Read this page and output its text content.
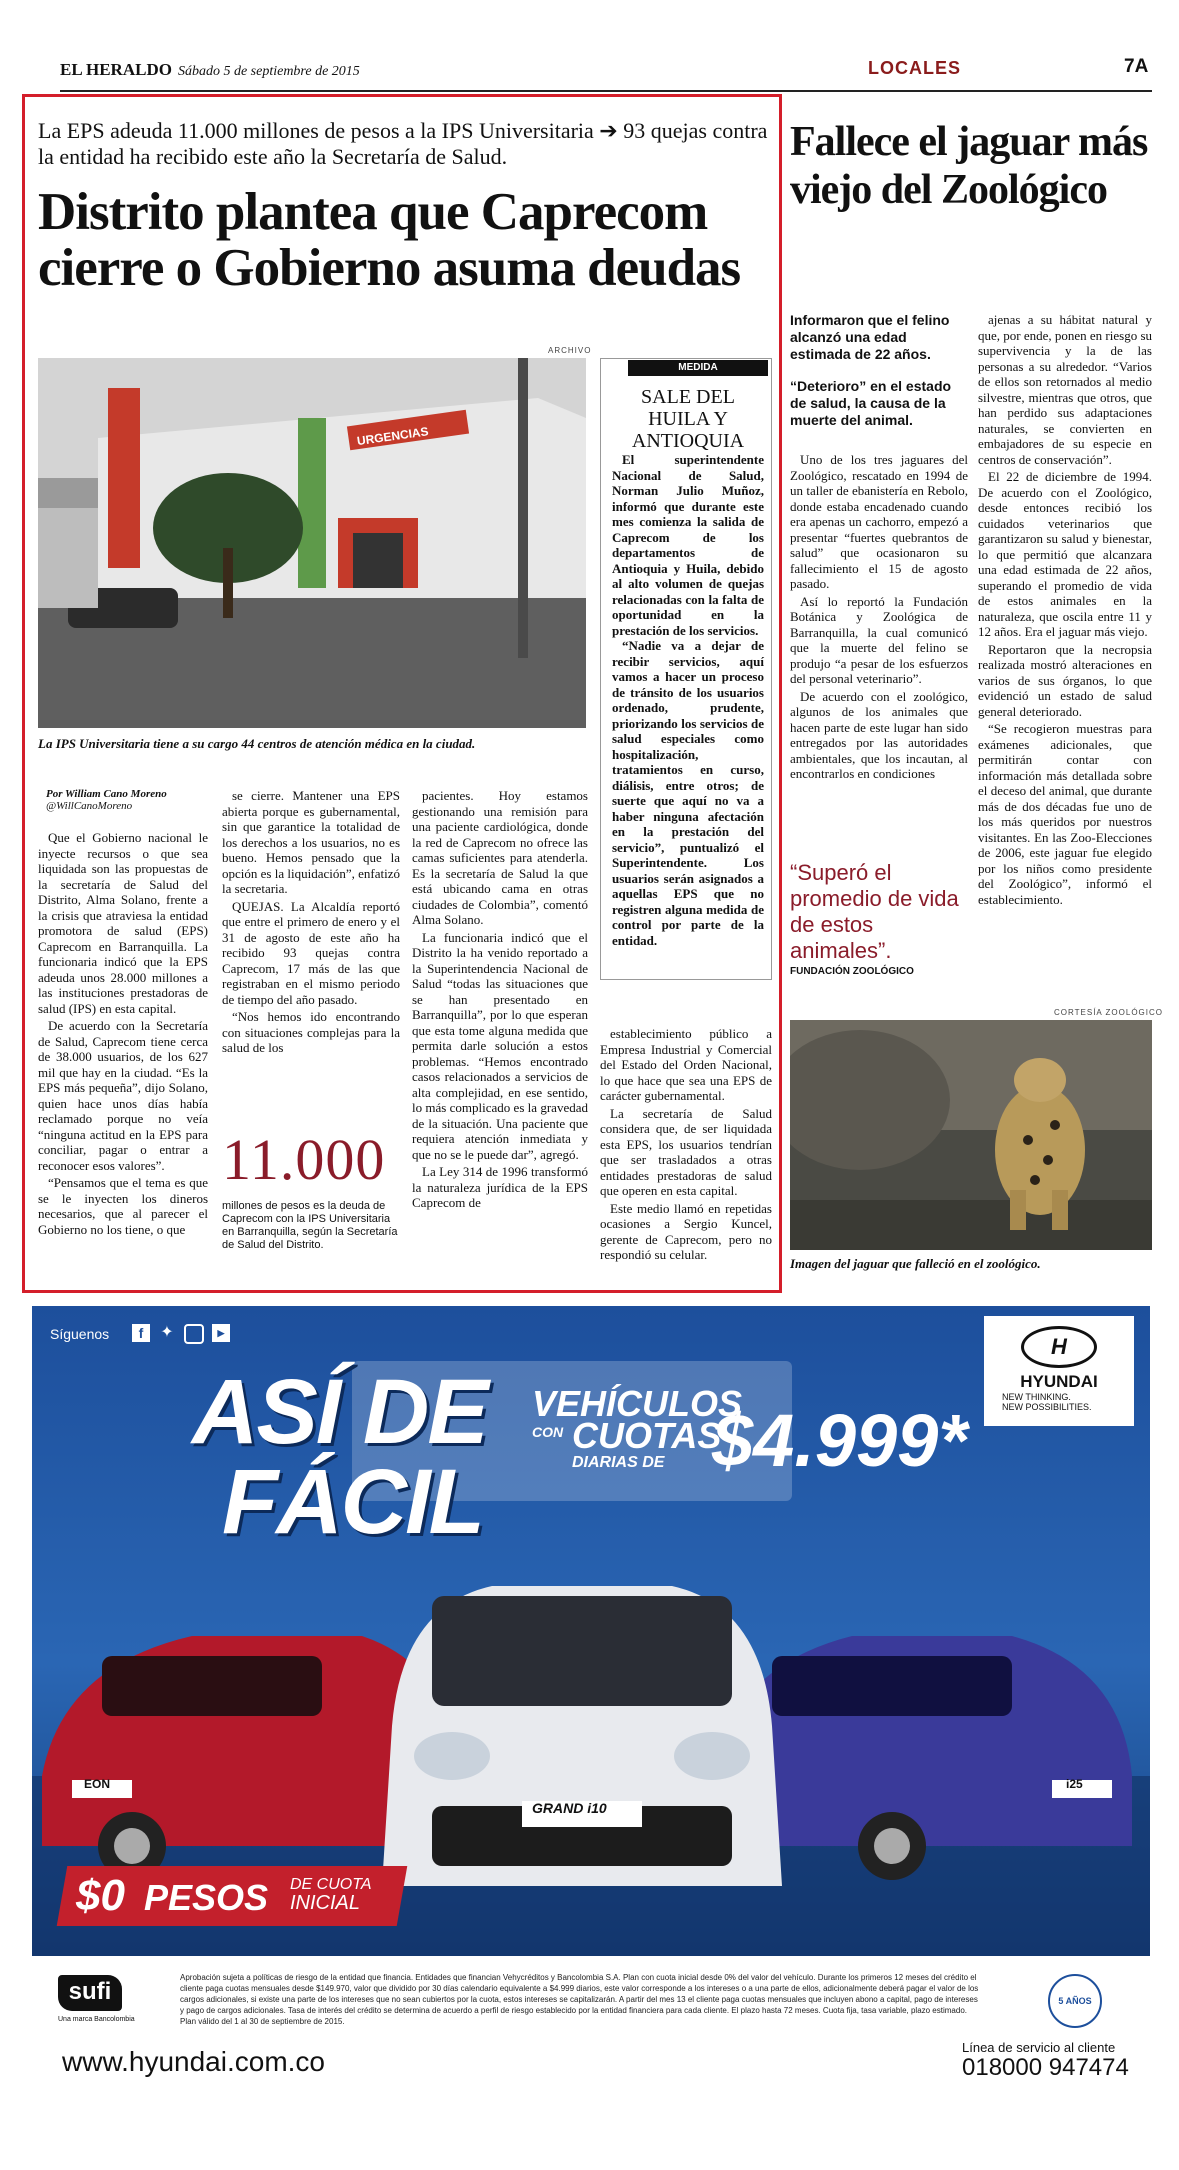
EL HERALDO Sábado 5 de septiembre de 2015	LOCALES	7A
La EPS adeuda 11.000 millones de pesos a la IPS Universitaria ➔ 93 quejas contra la entidad ha recibido este año la Secretaría de Salud.
Distrito plantea que Caprecom cierre o Gobierno asuma deudas
ARCHIVO
URGENCIAS
La IPS Universitaria tiene a su cargo 44 centros de atención médica en la ciudad.
MEDIDA
SALE DEL HUILA Y ANTIOQUIA

El superintendente Nacional de Salud, Norman Julio Muñoz, informó que durante este mes comienza la salida de Caprecom de los departamentos de Antioquia y Huila, debido al alto volumen de quejas relacionadas con la falta de oportunidad en la prestación de los servicios.

“Nadie va a dejar de recibir servicios, aquí vamos a hacer un proceso de tránsito de los usuarios ordenado, prudente, priorizando los servicios de salud especiales como hospitalización, tratamientos en curso, diálisis, entre otros; de suerte que aquí no va a haber ninguna afectación en la prestación del servicio”, puntualizó el Superintendente. Los usuarios serán asignados a aquellas EPS que no registren alguna medida de control por parte de la entidad.

Por William Cano Moreno
@WillCanoMoreno

Que el Gobierno nacional le inyecte recursos o que sea liquidada son las propuestas de la secretaría de Salud del Distrito, Alma Solano, frente a la crisis que atraviesa la entidad promotora de salud (EPS) Caprecom en Barranquilla. La funcionaria indicó que la EPS adeuda unos 28.000 millones a las instituciones prestadoras de salud (IPS) en esta capital.

De acuerdo con la Secretaría de Salud, Caprecom tiene cerca de 38.000 usuarios, de los 627 mil que hay en la ciudad. “Es la EPS más pequeña”, dijo Solano, quien hace unos días había reclamado porque no veía “ninguna actitud en la EPS para conciliar, pagar o entrar a reconocer esos valores”.

“Pensamos que el tema es que se le inyecten los dineros necesarios, que al parecer el Gobierno no los tiene, o que

se cierre. Mantener una EPS abierta porque es gubernamental, sin que garantice la totalidad de los derechos a los usuarios, no es bueno. Hemos pensado que la opción es la liquidación”, enfatizó la secretaria.

QUEJAS. La Alcaldía reportó que entre el primero de enero y el 31 de agosto de este año ha recibido 93 quejas contra Caprecom, 17 más de las que registraban en el mismo periodo de tiempo del año pasado.

“Nos hemos ido encontrando con situaciones complejas para la salud de los

11.000
millones de pesos es la deuda de Caprecom con la IPS Universitaria en Barranquilla, según la Secretaría de Salud del Distrito.

pacientes. Hoy estamos gestionando una remisión para una paciente cardiológica, donde la red de Caprecom no ofrece las camas suficientes para atenderla. Es la secretaría de Salud la que está ubicando cama en otras ciudades de Colombia”, comentó Alma Solano.

La funcionaria indicó que el Distrito la ha venido reportado a la Superintendencia Nacional de Salud “todas las situaciones que se han presentado en Barranquilla”, por lo que esperan que esta tome alguna medida que permita darle solución a estos problemas. “Hemos encontrado casos relacionados a servicios de alta complejidad, en ese sentido, lo más complicado es la gravedad de la situación. Una paciente que requiera atención inmediata y que no se le puede dar”, agregó.

La Ley 314 de 1996 transformó la naturaleza jurídica de la EPS Caprecom de

establecimiento público a Empresa Industrial y Comercial del Estado del Orden Nacional, lo que hace que sea una EPS de carácter gubernamental.

La secretaría de Salud considera que, de ser liquidada esta EPS, los usuarios tendrían que ser trasladados a otras entidades prestadoras de salud que operen en esta capital.

Este medio llamó en repetidas ocasiones a Sergio Kuncel, gerente de Caprecom, pero no respondió su celular.

Fallece el jaguar más viejo del Zoológico
Informaron que el felino alcanzó una edad estimada de 22 años.
“Deterioro” en el estado de salud, la causa de la muerte del animal.

Uno de los tres jaguares del Zoológico, rescatado en 1994 de un taller de ebanistería en Rebolo, donde estaba encadenado cuando era apenas un cachorro, empezó a presentar “fuertes quebrantos de salud” que ocasionaron su fallecimiento el 15 de agosto pasado.

Así lo reportó la Fundación Botánica y Zoológica de Barranquilla, la cual comunicó que la muerte del felino se produjo “a pesar de los esfuerzos del personal veterinario”.

De acuerdo con el zoológico, algunos de los animales que hacen parte de este lugar han sido entregados por las autoridades ambientales, que los incautan, al encontrarlos en condiciones

“Superó el promedio de vida de estos animales”.
FUNDACIÓN ZOOLÓGICO

ajenas a su hábitat natural y que, por ende, ponen en riesgo su supervivencia y la de las personas a su alrededor. “Varios de ellos son retornados al medio silvestre, mientras que otros, que han perdido sus adaptaciones naturales, se convierten en embajadores de su especie en centros de conservación”.

El 22 de diciembre de 1994. De acuerdo con el Zoológico, desde entonces recibió los cuidados veterinarios que garantizaron su salud y bienestar, lo que permitió que alcanzara una edad estimada de 22 años, superando el promedio de vida de estos animales en la naturaleza, que oscila entre 11 y 12 años. Era el jaguar más viejo.

Reportaron que la necropsia realizada mostró alteraciones en varios de sus órganos, lo que evidenció un estado de salud general deteriorado.

“Se recogieron muestras para exámenes adicionales, que permitirán contar con información más detallada sobre el deceso del animal, que durante más de dos décadas fue uno de los más queridos por nuestros visitantes. En las Zoo-Elecciones de 2006, este jaguar fue elegido por los niños como presidente del Zoológico”, informó el establecimiento.

CORTESÍA ZOOLÓGICO
Imagen del jaguar que falleció en el zoológico.
Síguenos	f	✦	▶
ASÍ DE
FÁCIL
VEHÍCULOS
CON CUOTAS
DIARIAS DE $4.999*
H
HYUNDAI
NEW THINKING.
NEW POSSIBILITIES.
EON
GRAND i10
i25
$0 PESOS DE CUOTA
INICIAL
sufi
Una marca Bancolombia
Aprobación sujeta a políticas de riesgo de la entidad que financia. Entidades que financian Vehycréditos y Bancolombia S.A. Plan con cuota inicial desde 0% del valor del vehículo. Durante los primeros 12 meses del crédito el cliente paga cuotas mensuales desde $149.970, valor que dividido por 30 días calendario equivalente a $4.999 diarios, este valor corresponde a los intereses o a una parte de ellos, adicionalmente deberá pagar el valor de los cargos adicionales, si existe una parte de los intereses que no sean cubiertos por la cuota, estos intereses se capitalizarán. A partir del mes 13 el cliente paga cuotas mensuales que incluyen abono a capital, pago de intereses y pago de cargos adicionales. Tasa de interés del crédito se determina de acuerdo a perfil de riesgo establecido por la entidad financiera para cada cliente. El plazo hasta 72 meses. Cuota fija, tasa variable, plazo estimado. Plan válido del 1 al 30 de septiembre de 2015.
5 AÑOS
www.hyundai.com.co	Línea de servicio al cliente
018000 947474
